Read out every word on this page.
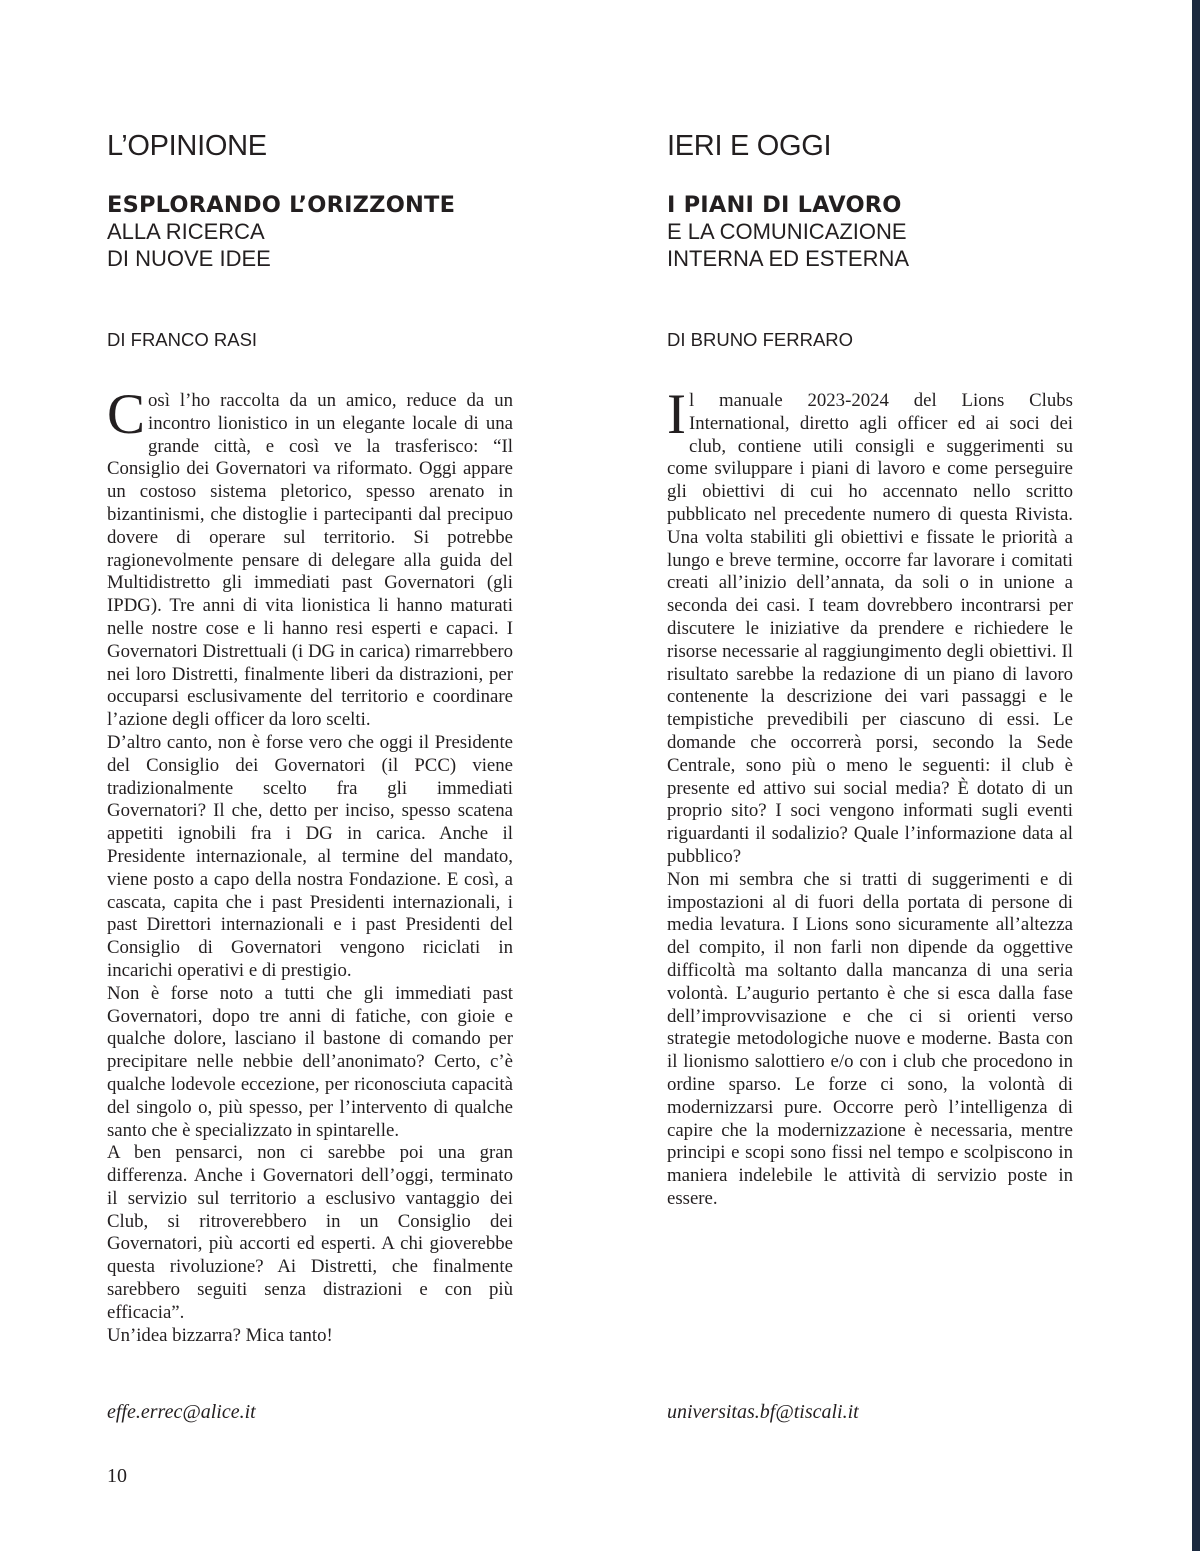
L’OPINIONE
ESPLORANDO L’ORIZZONTE
ALLA RICERCA
DI NUOVE IDEE

DI FRANCO RASI

Così l’ho raccolta da un amico, reduce da un incontro lionistico in un elegante locale di una grande città, e così ve la trasferisco: “Il Consiglio dei Governatori va riformato. Oggi appare un costoso sistema pletorico, spesso arenato in bizantinismi, che distoglie i partecipanti dal precipuo dovere di operare sul territorio. Si potrebbe ragionevolmente pensare di delegare alla guida del Multidistretto gli immediati past Governatori (gli IPDG). Tre anni di vita lionistica li hanno maturati nelle nostre cose e li hanno resi esperti e capaci. I Governatori Distrettuali (i DG in carica) rimarrebbero nei loro Distretti, finalmente liberi da distrazioni, per occuparsi esclusivamente del territorio e coordinare l’azione degli officer da loro scelti.

D’altro canto, non è forse vero che oggi il Presidente del Consiglio dei Governatori (il PCC) viene tradizionalmente scelto fra gli immediati Governatori? Il che, detto per inciso, spesso scatena appetiti ignobili fra i DG in carica. Anche il Presidente internazionale, al termine del mandato, viene posto a capo della nostra Fondazione. E così, a cascata, capita che i past Presidenti internazionali, i past Direttori internazionali e i past Presidenti del Consiglio di Governatori vengono riciclati in incarichi operativi e di prestigio.

Non è forse noto a tutti che gli immediati past Governatori, dopo tre anni di fatiche, con gioie e qualche dolore, lasciano il bastone di comando per precipitare nelle nebbie dell’anonimato? Certo, c’è qualche lodevole eccezione, per riconosciuta capacità del singolo o, più spesso, per l’intervento di qualche santo che è specializzato in spintarelle.

A ben pensarci, non ci sarebbe poi una gran differenza. Anche i Governatori dell’oggi, terminato il servizio sul territorio a esclusivo vantaggio dei Club, si ritroverebbero in un Consiglio dei Governatori, più accorti ed esperti. A chi gioverebbe questa rivoluzione? Ai Distretti, che finalmente sarebbero seguiti senza distrazioni e con più efficacia”.

Un’idea bizzarra? Mica tanto!

IERI E OGGI
I PIANI DI LAVORO
E LA COMUNICAZIONE
INTERNA ED ESTERNA

DI BRUNO FERRARO

Il manuale 2023-2024 del Lions Clubs International, diretto agli officer ed ai soci dei club, contiene utili consigli e suggerimenti su come sviluppare i piani di lavoro e come perseguire gli obiettivi di cui ho accennato nello scritto pubblicato nel precedente numero di questa Rivista. Una volta stabiliti gli obiettivi e fissate le priorità a lungo e breve termine, occorre far lavorare i comitati creati all’inizio dell’annata, da soli o in unione a seconda dei casi. I team dovrebbero incontrarsi per discutere le iniziative da prendere e richiedere le risorse necessarie al raggiungimento degli obiettivi. Il risultato sarebbe la redazione di un piano di lavoro contenente la descrizione dei vari passaggi e le tempistiche prevedibili per ciascuno di essi. Le domande che occorrerà porsi, secondo la Sede Centrale, sono più o meno le seguenti: il club è presente ed attivo sui social media? È dotato di un proprio sito? I soci vengono informati sugli eventi riguardanti il sodalizio? Quale l’informazione data al pubblico?

Non mi sembra che si tratti di suggerimenti e di impostazioni al di fuori della portata di persone di media levatura. I Lions sono sicuramente all’altezza del compito, il non farli non dipende da oggettive difficoltà ma soltanto dalla mancanza di una seria volontà. L’augurio pertanto è che si esca dalla fase dell’improvvisazione e che ci si orienti verso strategie metodologiche nuove e moderne. Basta con il lionismo salottiero e/o con i club che procedono in ordine sparso. Le forze ci sono, la volontà di modernizzarsi pure. Occorre però l’intelligenza di capire che la modernizzazione è necessaria, mentre principi e scopi sono fissi nel tempo e scolpiscono in maniera indelebile le attività di servizio poste in essere.

effe.errec@alice.it	universitas.bf@tiscali.it

10
